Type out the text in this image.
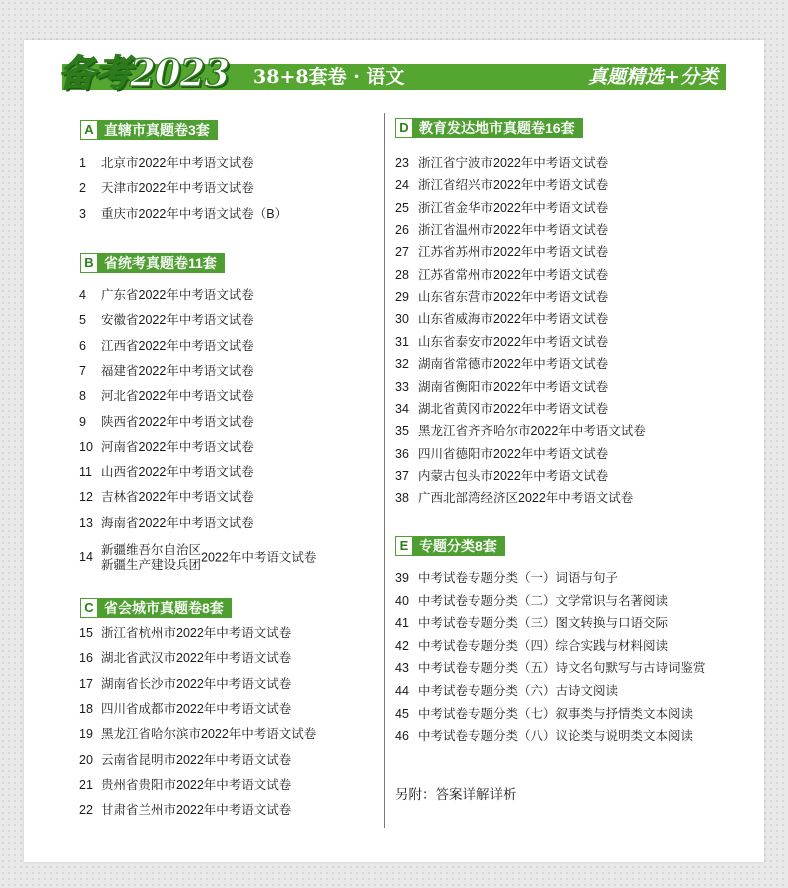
备考2023 38+8套卷 · 语文	真题精选+分类
A 直辖市真题卷3套
1 北京市2022年中考语文试卷
2 天津市2022年中考语文试卷
3 重庆市2022年中考语文试卷（B）
B 省统考真题卷11套
4 广东省2022年中考语文试卷
5 安徽省2022年中考语文试卷
6 江西省2022年中考语文试卷
7 福建省2022年中考语文试卷
8 河北省2022年中考语文试卷
9 陕西省2022年中考语文试卷
10 河南省2022年中考语文试卷
11 山西省2022年中考语文试卷
12 吉林省2022年中考语文试卷
13 海南省2022年中考语文试卷
14
新疆维吾尔自治区
新疆生产建设兵团 2022年中考语文试卷
C 省会城市真题卷8套
15 浙江省杭州市2022年中考语文试卷
16 湖北省武汉市2022年中考语文试卷
17 湖南省长沙市2022年中考语文试卷
18 四川省成都市2022年中考语文试卷
19 黑龙江省哈尔滨市2022年中考语文试卷
20 云南省昆明市2022年中考语文试卷
21 贵州省贵阳市2022年中考语文试卷
22 甘肃省兰州市2022年中考语文试卷
D 教育发达地市真题卷16套
23 浙江省宁波市2022年中考语文试卷
24 浙江省绍兴市2022年中考语文试卷
25 浙江省金华市2022年中考语文试卷
26 浙江省温州市2022年中考语文试卷
27 江苏省苏州市2022年中考语文试卷
28 江苏省常州市2022年中考语文试卷
29 山东省东营市2022年中考语文试卷
30 山东省威海市2022年中考语文试卷
31 山东省泰安市2022年中考语文试卷
32 湖南省常德市2022年中考语文试卷
33 湖南省衡阳市2022年中考语文试卷
34 湖北省黄冈市2022年中考语文试卷
35 黑龙江省齐齐哈尔市2022年中考语文试卷
36 四川省德阳市2022年中考语文试卷
37 内蒙古包头市2022年中考语文试卷
38 广西北部湾经济区2022年中考语文试卷
E 专题分类8套
39 中考试卷专题分类（一）词语与句子
40 中考试卷专题分类（二）文学常识与名著阅读
41 中考试卷专题分类（三）图文转换与口语交际
42 中考试卷专题分类（四）综合实践与材料阅读
43 中考试卷专题分类（五）诗文名句默写与古诗词鉴赏
44 中考试卷专题分类（六）古诗文阅读
45 中考试卷专题分类（七）叙事类与抒情类文本阅读
46 中考试卷专题分类（八）议论类与说明类文本阅读
另附：答案详解详析
